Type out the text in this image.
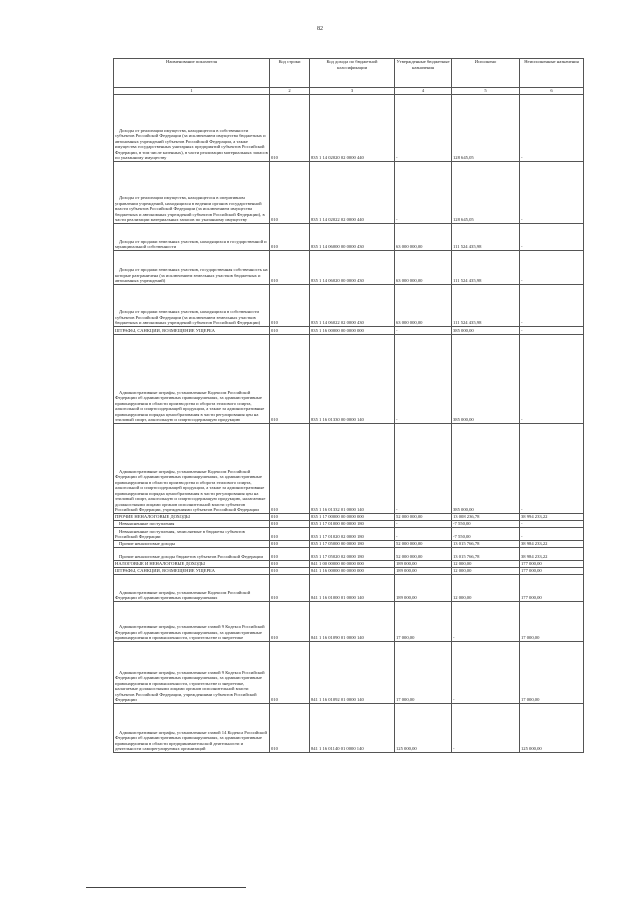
82
Наименование показателя	Код строки	Код дохода по бюджетной классификации	Утвержденные бюджетные назначения	Исполнено	Неисполненные назначения
1	2	3	4	5	6
Доходы от реализации имущества, находящегося в собственности субъектов Российской Федерации (за исключением имущества бюджетных и автономных учреждений субъектов Российской Федерации, а также имущества государственных унитарных предприятий субъектов Российской Федерации, в том числе казенных), в части реализации материальных запасов по указанному имуществу	010	835 1 14 02020 02 0000 440	-	128 645,05	-
Доходы от реализации имущества, находящегося в оперативном управлении учреждений, находящихся в ведении органов государственной власти субъектов Российской Федерации (за исключением имущества бюджетных и автономных учреждений субъектов Российской Федерации), в части реализации материальных запасов по указанному имуществу	010	835 1 14 02022 02 0000 440	-	128 645,05	-
Доходы от продажи земельных участков, находящихся в государственной и муниципальной собственности	010	835 1 14 06000 00 0000 430	63 000 000,00	111 524 435,98	-
Доходы от продажи земельных участков, государственная собственность на которые разграничена (за исключением земельных участков бюджетных и автономных учреждений)	010	835 1 14 06020 00 0000 430	63 000 000,00	111 524 435,98	-
Доходы от продажи земельных участков, находящихся в собственности субъектов Российской Федерации (за исключением земельных участков бюджетных и автономных учреждений субъектов Российской Федерации)	010	835 1 14 06022 02 0000 430	63 000 000,00	111 524 435,98	-
ШТРАФЫ, САНКЦИИ, ВОЗМЕЩЕНИЕ УЩЕРБА	010	835 1 16 00000 00 0000 000	-	385 000,00	-
Административные штрафы, установленные Кодексом Российской Федерации об административных правонарушениях, за административные правонарушения в области производства и оборота этилового спирта, алкогольной и спиртосодержащей продукции, а также за административные правонарушения порядка ценообразования в части регулирования цен на этиловый спирт, алкогольную и спиртосодержащую продукцию	010	835 1 16 01330 00 0000 140	-	385 000,00	-
Административные штрафы, установленные Кодексом Российской Федерации об административных правонарушениях, за административные правонарушения в области производства и оборота этилового спирта, алкогольной и спиртосодержащей продукции, а также за административные правонарушения порядка ценообразования в части регулирования цен на этиловый спирт, алкогольную и спиртосодержащую продукцию, налагаемые должностными лицами органов исполнительной власти субъектов Российской Федерации, учреждениями субъектов Российской Федерации	010	835 1 16 01332 01 0000 140	-	385 000,00	-
ПРОЧИЕ НЕНАЛОГОВЫЕ ДОХОДЫ	010	835 1 17 00000 00 0000 000	52 000 000,00	13 008 236,78	38 994 233,22
Невыясненные поступления	010	835 1 17 01000 00 0000 180	-	-7 550,00	-
Невыясненные поступления, зачисляемые в бюджеты субъектов Российской Федерации	010	835 1 17 01020 02 0000 180	-	-7 550,00	-
Прочие неналоговые доходы	010	835 1 17 05000 00 0000 180	52 000 000,00	13 015 766,78	38 984 233,22
Прочие неналоговые доходы бюджетов субъектов Российской Федерации	010	835 1 17 05020 02 0000 180	52 000 000,00	13 015 766,78	38 984 233,22
НАЛОГОВЫЕ И НЕНАЛОГОВЫЕ ДОХОДЫ	010	841 1 00 00000 00 0000 000	189 000,00	12 000,00	177 000,00
ШТРАФЫ, САНКЦИИ, ВОЗМЕЩЕНИЕ УЩЕРБА	010	841 1 16 00000 00 0000 000	189 000,00	12 000,00	177 000,00
Административные штрафы, установленные Кодексом Российской Федерации об административных правонарушениях	010	841 1 16 01000 01 0000 140	189 000,00	12 000,00	177 000,00
Административные штрафы, установленные главой 9 Кодекса Российской Федерации об административных правонарушениях, за административные правонарушения в промышленности, строительстве и энергетике	010	841 1 16 01090 01 0000 140	17 000,00	-	17 000,00
Административные штрафы, установленные главой 9 Кодекса Российской Федерации об административных правонарушениях, за административные правонарушения в промышленности, строительстве и энергетике, налагаемые должностными лицами органов исполнительной власти субъектов Российской Федерации, учреждениями субъектов Российской Федерации	010	841 1 16 01092 01 0000 140	17 000,00	-	17 000,00
Административные штрафы, установленные главой 14 Кодекса Российской Федерации об административных правонарушениях, за административные правонарушения в области предпринимательской деятельности и деятельности саморегулируемых организаций	010	841 1 16 01140 01 0000 140	125 000,00	-	125 000,00
